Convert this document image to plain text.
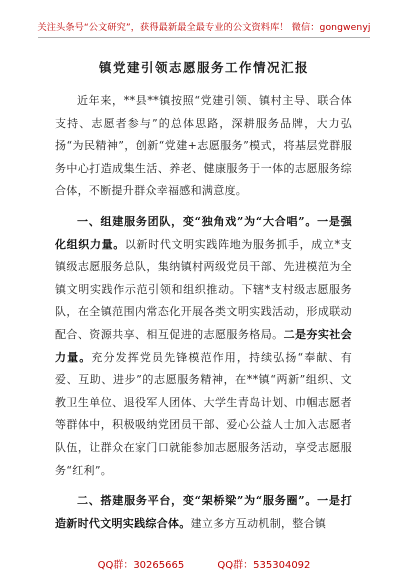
关注头条号“公文研究”，获得最新最全最专业的公文资料库！ 微信：gongwenyj
镇党建引领志愿服务工作情况汇报

近年来，**县**镇按照“党建引领、镇村主导、联合体支持、志愿者参与”的总体思路，深耕服务品牌，大力弘扬“为民精神”，创新“党建+志愿服务”模式，将基层党群服务中心打造成集生活、养老、健康服务于一体的志愿服务综合体，不断提升群众幸福感和满意度。

一、组建服务团队，变“独角戏”为“大合唱”。一是强化组织力量。以新时代文明实践阵地为服务抓手，成立*支镇级志愿服务总队，集纳镇村两级党员干部、先进模范为全镇文明实践作示范引领和组织推动。下辖*支村级志愿服务队，在全镇范围内常态化开展各类文明实践活动，形成联动配合、资源共享、相互促进的志愿服务格局。二是夯实社会力量。充分发挥党员先锋模范作用，持续弘扬“奉献、有爱、互助、进步”的志愿服务精神，在**镇“两新”组织、文教卫生单位、退役军人团体、大学生青岛计划、巾帼志愿者等群体中，积极吸纳党团员干部、爱心公益人士加入志愿者队伍，让群众在家门口就能参加志愿服务活动，享受志愿服务“红利”。

二、搭建服务平台，变“架桥梁”为“服务圈”。一是打造新时代文明实践综合体。建立多方互动机制，整合镇

QQ群：30265665	QQ群：535304092
